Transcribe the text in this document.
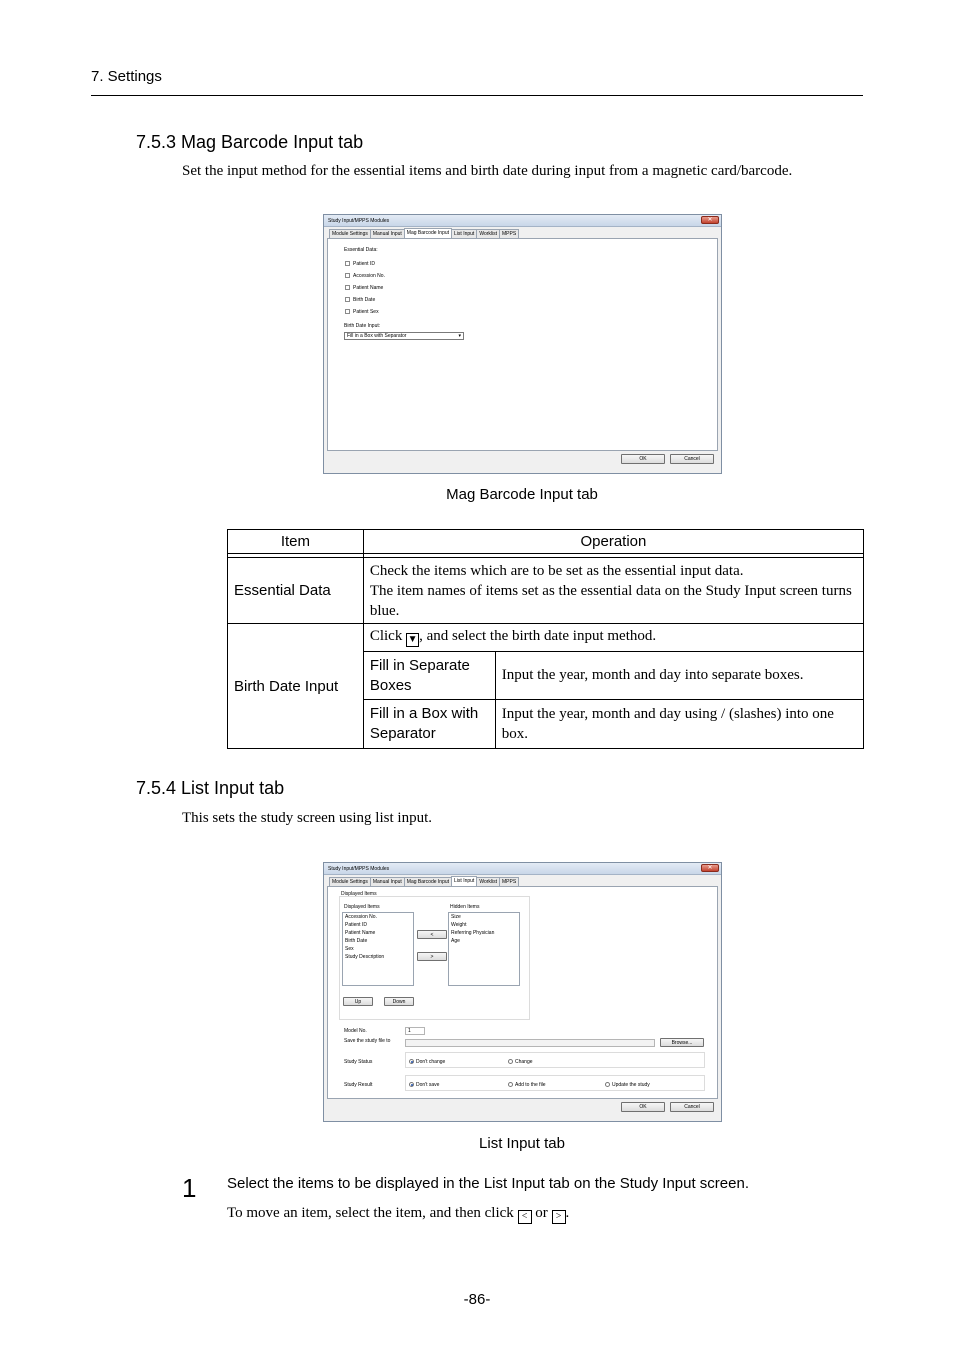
7. Settings
7.5.3 Mag Barcode Input tab
Set the input method for the essential items and birth date during input from a magnetic card/barcode.
Study Input/MPPS Modules	✕
Module Settings	Manual Input	Mag Barcode Input	List Input	Worklist	MPPS
Essential Data:
Patient ID
Accession No.
Patient Name
Birth Date
Patient Sex
Birth Date Input:
Fill in a Box with Separator	▾
OK	Cancel
Mag Barcode Input tab
Item	Operation	

Essential Data	Check the items which are to be set as the essential input data.
The item names of items set as the essential data on the Study Input screen turns blue.	

Birth Date Input	Click ▼ , and select the birth date input method.	
	Fill in Separate Boxes	Input the year, month and day into separate boxes.
	Fill in a Box with Separator	Input the year, month and day using / (slashes) into one box.
7.5.4 List Input tab
This sets the study screen using list input.
Study Input/MPPS Modules	✕
Module Settings	Manual Input	Mag Barcode Input	List Input	Worklist	MPPS
Displayed Items
Displayed Items
Accession No.
Patient ID
Patient Name
Birth Date
Sex
Study Description
<
>
Hidden Items
Size
Weight
Referring Physician
Age
Up	Down
Model No.	1
Save the study file to	Browse...
Study Status	Don't change	Change
Study Result	Don't save	Add to the file	Update the study
OK	Cancel
List Input tab
1 Select the items to be displayed in the List Input tab on the Study Input screen.
To move an item, select the item, and then click < or > .
-86-
